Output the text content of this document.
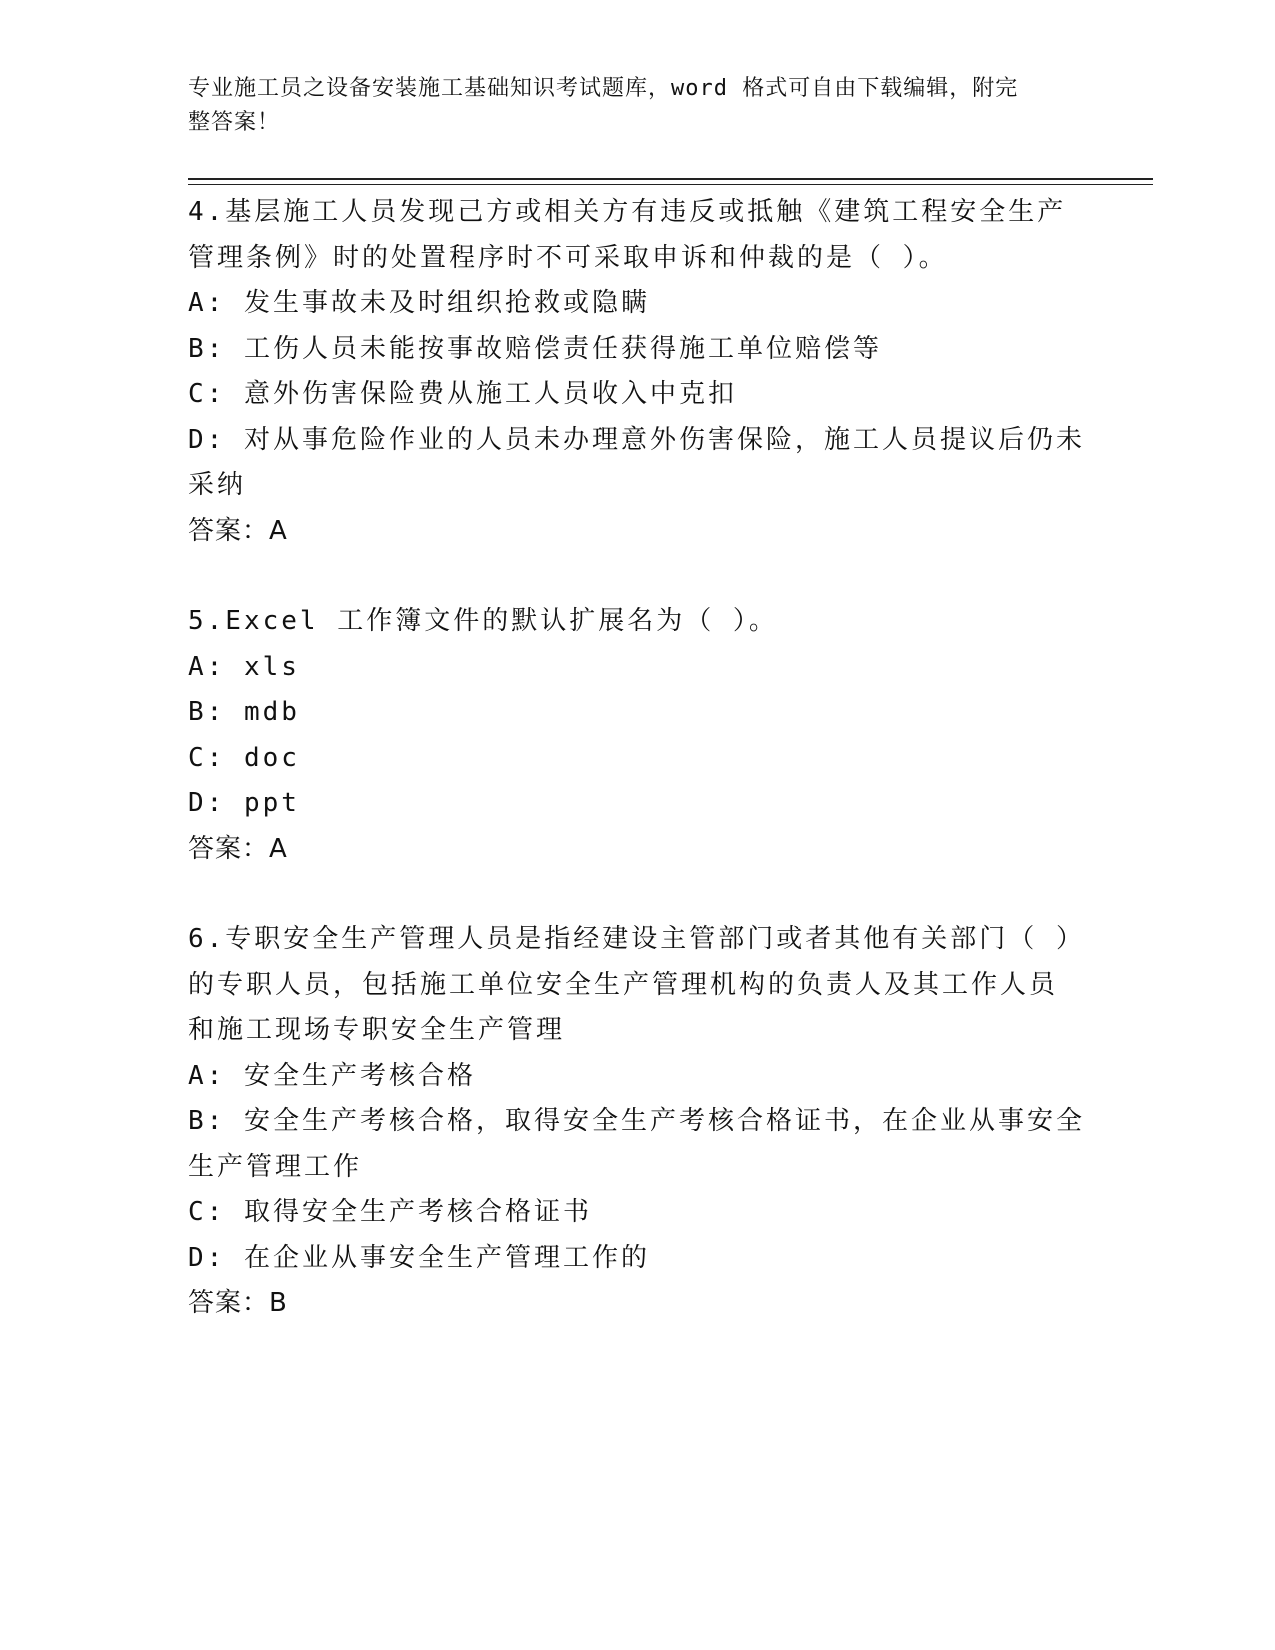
专业施工员之设备安装施工基础知识考试题库，word 格式可自由下载编辑，附完
整答案！
4.基层施工人员发现己方或相关方有违反或抵触《建筑工程安全生产
管理条例》时的处置程序时不可采取申诉和仲裁的是（ ）。
A: 发生事故未及时组织抢救或隐瞒
B: 工伤人员未能按事故赔偿责任获得施工单位赔偿等
C: 意外伤害保险费从施工人员收入中克扣
D: 对从事危险作业的人员未办理意外伤害保险，施工人员提议后仍未
采纳
答案：A
5.Excel 工作簿文件的默认扩展名为（ ）。
A: xls
B: mdb
C: doc
D: ppt
答案：A
6.专职安全生产管理人员是指经建设主管部门或者其他有关部门（ ）
的专职人员，包括施工单位安全生产管理机构的负责人及其工作人员
和施工现场专职安全生产管理
A: 安全生产考核合格
B: 安全生产考核合格，取得安全生产考核合格证书，在企业从事安全
生产管理工作
C: 取得安全生产考核合格证书
D: 在企业从事安全生产管理工作的
答案：B
